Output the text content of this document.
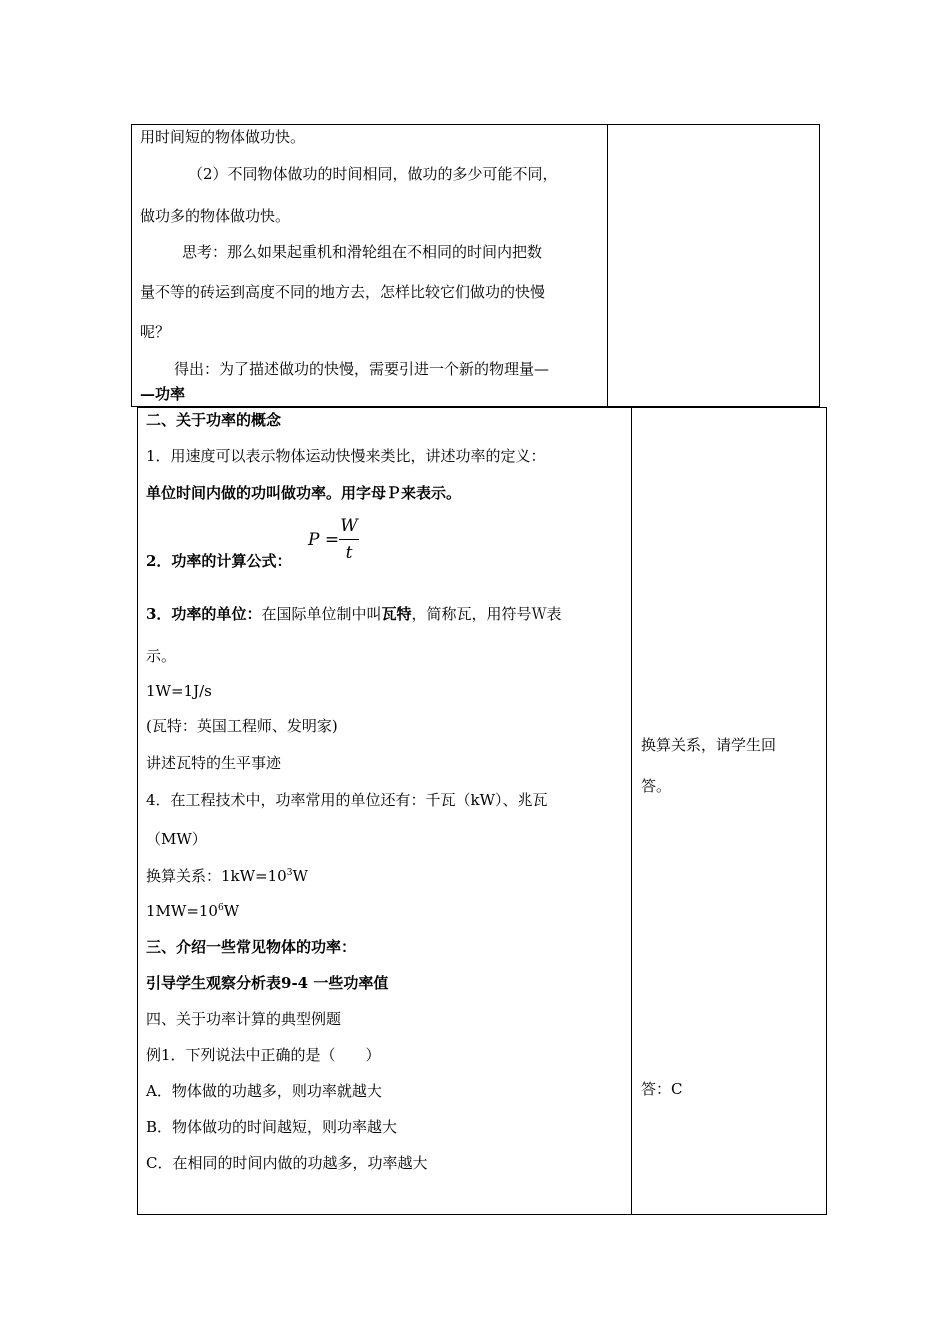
用时间短的物体做功快。
（2）不同物体做功的时间相同，做功的多少可能不同，
做功多的物体做功快。
思考：那么如果起重机和滑轮组在不相同的时间内把数
量不等的砖运到高度不同的地方去，怎样比较它们做功的快慢
呢？
得出：为了描述做功的快慢，需要引进一个新的物理量—
—功率
二、关于功率的概念
1．用速度可以表示物体运动快慢来类比，讲述功率的定义：
单位时间内做的功叫做功率。用字母Ｐ来表示。
2．功率的计算公式：
P =
W
t
3．功率的单位：在国际单位制中叫瓦特，简称瓦，用符号Ｗ表
示。
1W=1J/s
(瓦特：英国工程师、发明家)
讲述瓦特的生平事迹
4．在工程技术中，功率常用的单位还有：千瓦（kW）、兆瓦
（MW）
换算关系：$1kW=10^3W$
$1MW=10^6W$
三、介绍一些常见物体的功率：
引导学生观察分析表9-4 一些功率值
四、关于功率计算的典型例题
例1．下列说法中正确的是（　　）
A．物体做的功越多，则功率就越大
B．物体做功的时间越短，则功率越大
C．在相同的时间内做的功越多，功率越大
换算关系，请学生回
答。
答：C
